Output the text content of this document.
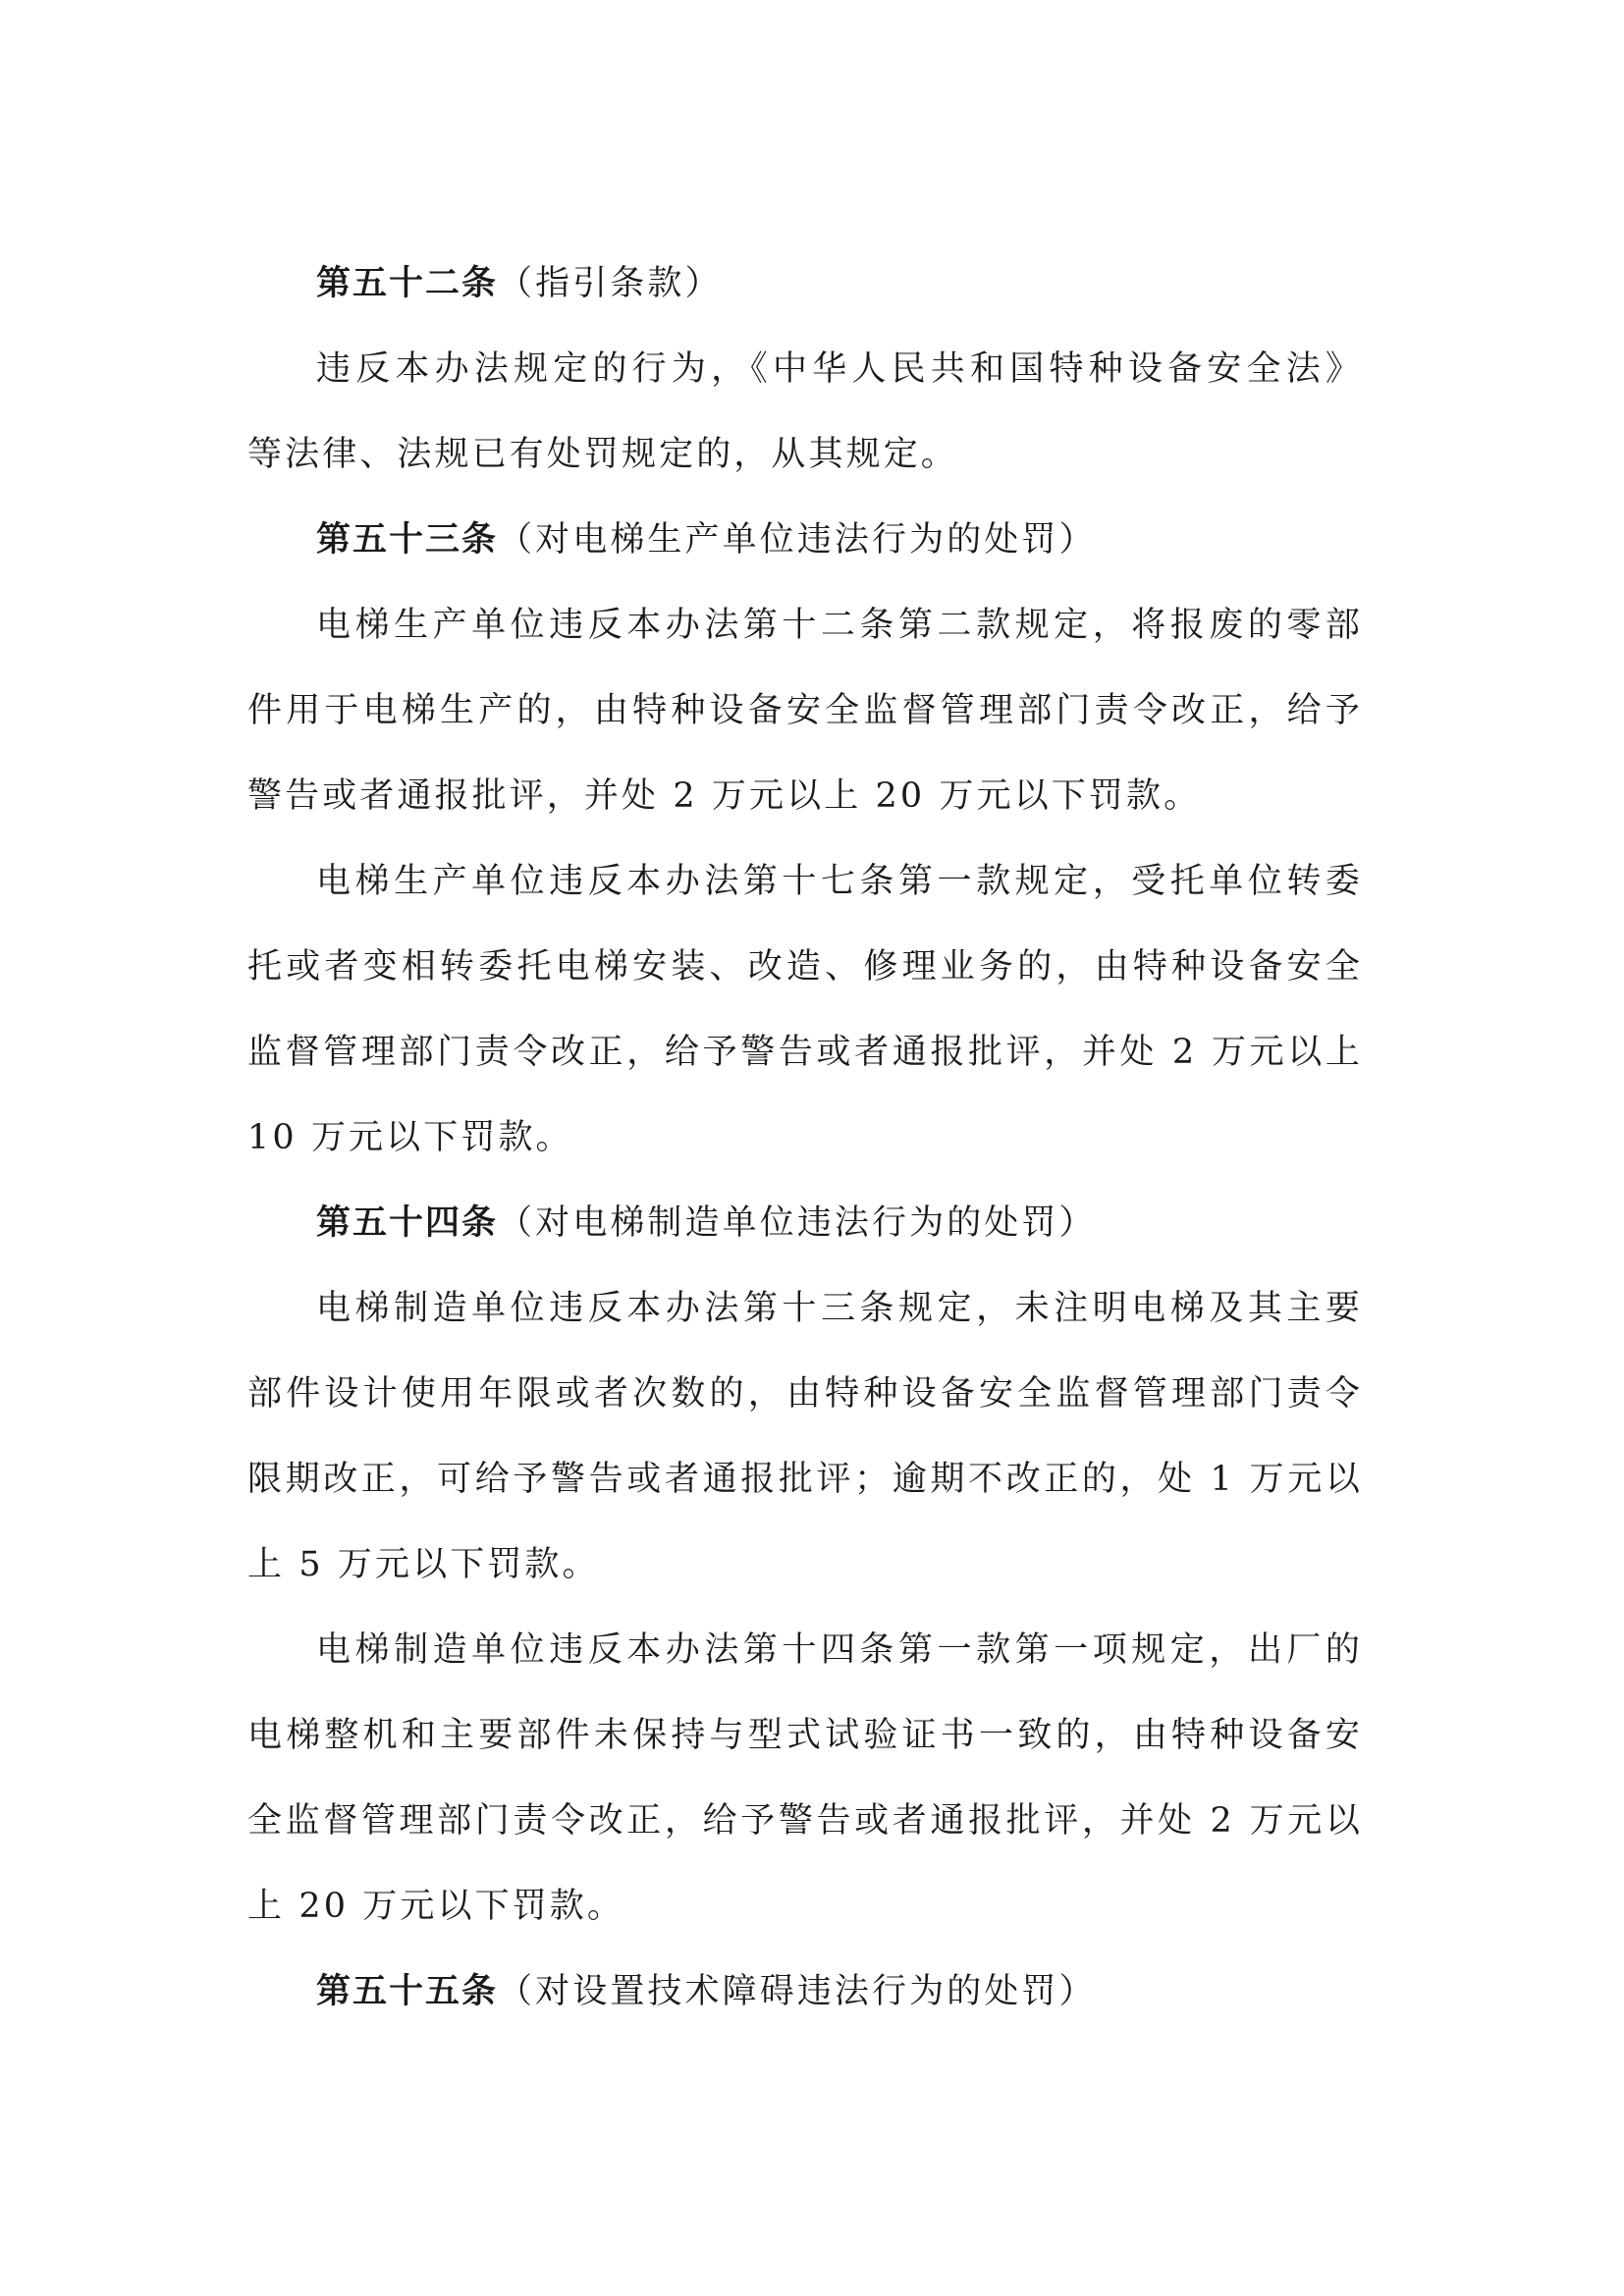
第五十二条（指引条款）
违反本办法规定的行为，《中华人民共和国特种设备安全法》
等法律、法规已有处罚规定的，从其规定。
第五十三条（对电梯生产单位违法行为的处罚）
电梯生产单位违反本办法第十二条第二款规定，将报废的零部
件用于电梯生产的，由特种设备安全监督管理部门责令改正，给予
警告或者通报批评，并处 2 万元以上 20 万元以下罚款。
电梯生产单位违反本办法第十七条第一款规定，受托单位转委
托或者变相转委托电梯安装、改造、修理业务的，由特种设备安全
监督管理部门责令改正，给予警告或者通报批评，并处 2 万元以上
10 万元以下罚款。
第五十四条（对电梯制造单位违法行为的处罚）
电梯制造单位违反本办法第十三条规定，未注明电梯及其主要
部件设计使用年限或者次数的，由特种设备安全监督管理部门责令
限期改正，可给予警告或者通报批评；逾期不改正的，处 1 万元以
上 5 万元以下罚款。
电梯制造单位违反本办法第十四条第一款第一项规定，出厂的
电梯整机和主要部件未保持与型式试验证书一致的，由特种设备安
全监督管理部门责令改正，给予警告或者通报批评，并处 2 万元以
上 20 万元以下罚款。
第五十五条（对设置技术障碍违法行为的处罚）
